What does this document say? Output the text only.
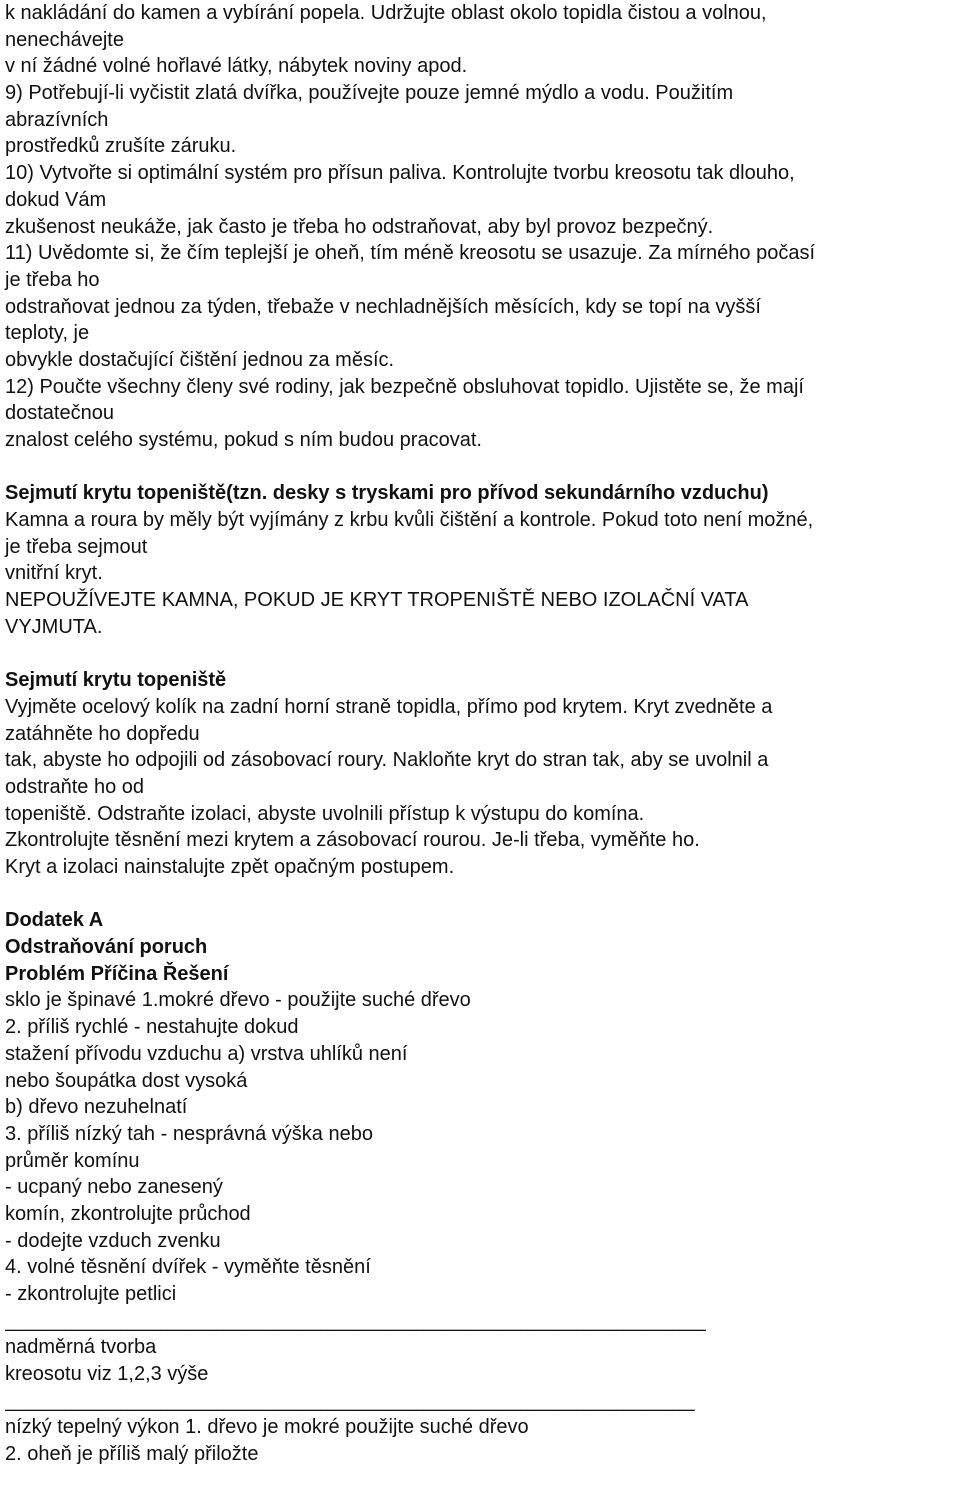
k nakládání do kamen a vybírání popela. Udržujte oblast okolo topidla čistou a volnou,
nenechávejte
v ní žádné volné hořlavé látky, nábytek noviny apod.
9) Potřebují-li vyčistit zlatá dvířka, používejte pouze jemné mýdlo a vodu. Použitím
abrazívních
prostředků zrušíte záruku.
10) Vytvořte si optimální systém pro přísun paliva. Kontrolujte tvorbu kreosotu tak dlouho,
dokud Vám
zkušenost neukáže, jak často je třeba ho odstraňovat, aby byl provoz bezpečný.
11) Uvědomte si, že čím teplejší je oheň, tím méně kreosotu se usazuje. Za mírného počasí
je třeba ho
odstraňovat jednou za týden, třebaže v nechladnějších měsících, kdy se topí na vyšší
teploty, je
obvykle dostačující čištění jednou za měsíc.
12) Poučte všechny členy své rodiny, jak bezpečně obsluhovat topidlo. Ujistěte se, že mají
dostatečnou
znalost celého systému, pokud s ním budou pracovat.
Sejmutí krytu topeniště(tzn. desky s tryskami pro přívod sekundárního vzduchu)
Kamna a roura by měly být vyjímány z krbu kvůli čištění a kontrole. Pokud toto není možné,
je třeba sejmout
vnitřní kryt.
NEPOUŽÍVEJTE KAMNA, POKUD JE KRYT TROPENIŠTĚ NEBO IZOLAČNÍ VATA
VYJMUTA.
Sejmutí krytu topeniště
Vyjměte ocelový kolík na zadní horní straně topidla, přímo pod krytem. Kryt zvedněte a
zatáhněte ho dopředu
tak, abyste ho odpojili od zásobovací roury. Nakloňte kryt do stran tak, aby se uvolnil a
odstraňte ho od
topeniště. Odstraňte izolaci, abyste uvolnili přístup k výstupu do komína.
Zkontrolujte těsnění mezi krytem a zásobovací rourou. Je-li třeba, vyměňte ho.
Kryt a izolaci nainstalujte zpět opačným postupem.
Dodatek A
Odstraňování poruch
Problém Příčina Řešení
sklo je špinavé 1.mokré dřevo - použijte suché dřevo
2. příliš rychlé - nestahujte dokud
stažení přívodu vzduchu a) vrstva uhlíků není
nebo šoupátka dost vysoká
b) dřevo nezuhelnatí
3. příliš nízký tah - nesprávná výška nebo
průměr komínu
- ucpaný nebo zanesený
komín, zkontrolujte průchod
- dodejte vzduch zvenku
4. volné těsnění dvířek - vyměňte těsnění
- zkontrolujte petlici
_______________________________________________________________
nadměrná tvorba
kreosotu viz 1,2,3 výše
______________________________________________________________
nízký tepelný výkon 1. dřevo je mokré použijte suché dřevo
2. oheň je příliš malý přiložte
